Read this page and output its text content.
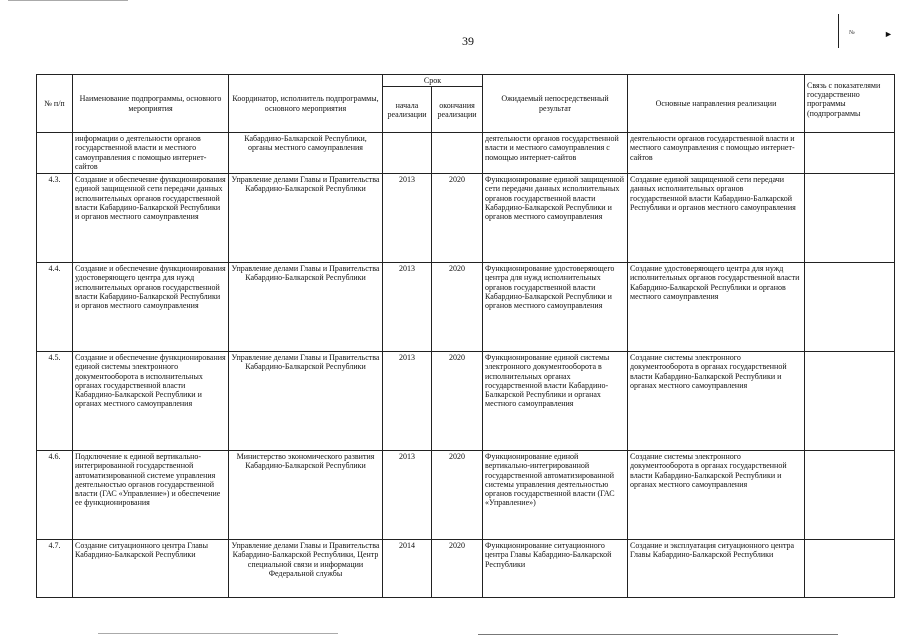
39
№	►
№ п/п	Наименование подпрограммы, основного мероприятия	Координатор, исполнитель подпрограммы, основного мероприятия	Срок		Ожидаемый непосредственный результат	Основные направления реализации	Связь с показателями государственно программы (подпрограммы
			начала реализации	окончания реализации			
	информации о деятельности органов государственной власти и местного самоуправления с помощью интернет-сайтов	Кабардино-Балкарской Республики, органы местного самоуправления			деятельности органов государственной власти и местного самоуправления с помощью интернет-сайтов	деятельности органов государственной власти и местного самоуправления с помощью интернет-сайтов	
4.3.	Создание и обеспечение функционирования единой защищенной сети передачи данных исполнительных органов государственной власти Кабардино-Балкарской Республики и органов местного самоуправления	Управление делами Главы и Правительства Кабардино-Балкарской Республики	2013	2020	Функционирование единой защищенной сети передачи данных исполнительных органов государственной власти Кабардино-Балкарской Республики и органов местного самоуправления	Создание единой защищенной сети передачи данных исполнительных органов государственной власти Кабардино-Балкарской Республики и органов местного самоуправления	
4.4.	Создание и обеспечение функционирования удостоверяющего центра для нужд исполнительных органов государственной власти Кабардино-Балкарской Республики и органов местного самоуправления	Управление делами Главы и Правительства Кабардино-Балкарской Республики	2013	2020	Функционирование удостоверяющего центра для нужд исполнительных органов государственной власти Кабардино-Балкарской Республики и органов местного самоуправления	Создание удостоверяющего центра для нужд исполнительных органов государственной власти Кабардино-Балкарской Республики и органов местного самоуправления	
4.5.	Создание и обеспечение функционирования единой системы электронного документооборота в исполнительных органах государственной власти Кабардино-Балкарской Республики и органах местного самоуправления	Управление делами Главы и Правительства Кабардино-Балкарской Республики	2013	2020	Функционирование единой системы электронного документооборота в исполнительных органах государственной власти Кабардино-Балкарской Республики и органах местного самоуправления	Создание системы электронного документооборота в органах государственной власти Кабардино-Балкарской Республики и органах местного самоуправления	
4.6.	Подключение к единой вертикально-интегрированной государственной автоматизированной системе управления деятельностью органов государственной власти (ГАС «Управление») и обеспечение ее функционирования	Министерство экономического развития Кабардино-Балкарской Республики	2013	2020	Функционирование единой вертикально-интегрированной государственной автоматизированной системы управления деятельностью органов государственной власти (ГАС «Управление»)	Создание системы электронного документооборота в органах государственной власти Кабардино-Балкарской Республики и органах местного самоуправления	
4.7.	Создание ситуационного центра Главы Кабардино-Балкарской Республики	Управление делами Главы и Правительства Кабардино-Балкарской Республики, Центр специальной связи и информации Федеральной службы	2014	2020	Функционирование ситуационного центра Главы Кабардино-Балкарской Республики	Создание и эксплуатация ситуационного центра Главы Кабардино-Балкарской Республики	
